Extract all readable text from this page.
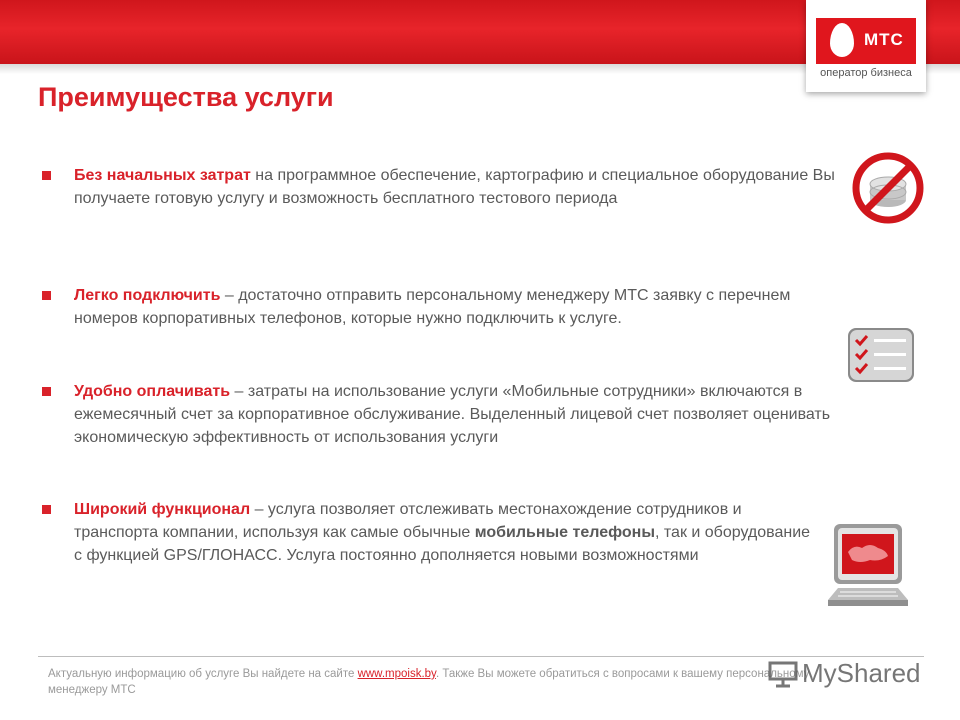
МТС
оператор бизнеса
Преимущества услуги
Без начальных затрат на программное обеспечение, картографию и специальное оборудование Вы получаете готовую услугу и возможность бесплатного тестового периода
Легко подключить – достаточно отправить персональному менеджеру МТС заявку с перечнем номеров корпоративных телефонов, которые нужно подключить к услуге.
Удобно оплачивать – затраты на использование услуги «Мобильные сотрудники» включаются в ежемесячный счет за корпоративное обслуживание. Выделенный лицевой счет позволяет оценивать экономическую эффективность от использования услуги
Широкий функционал – услуга позволяет отслеживать местонахождение сотрудников и транспорта компании, используя как самые обычные мобильные телефоны, так и оборудование с функцией GPS/ГЛОНАСС. Услуга постоянно дополняется новыми возможностями
Актуальную информацию об услуге Вы найдете на сайте www.mpoisk.by. Также Вы можете обратиться с вопросами к вашему персональному менеджеру МТС
MyShared
